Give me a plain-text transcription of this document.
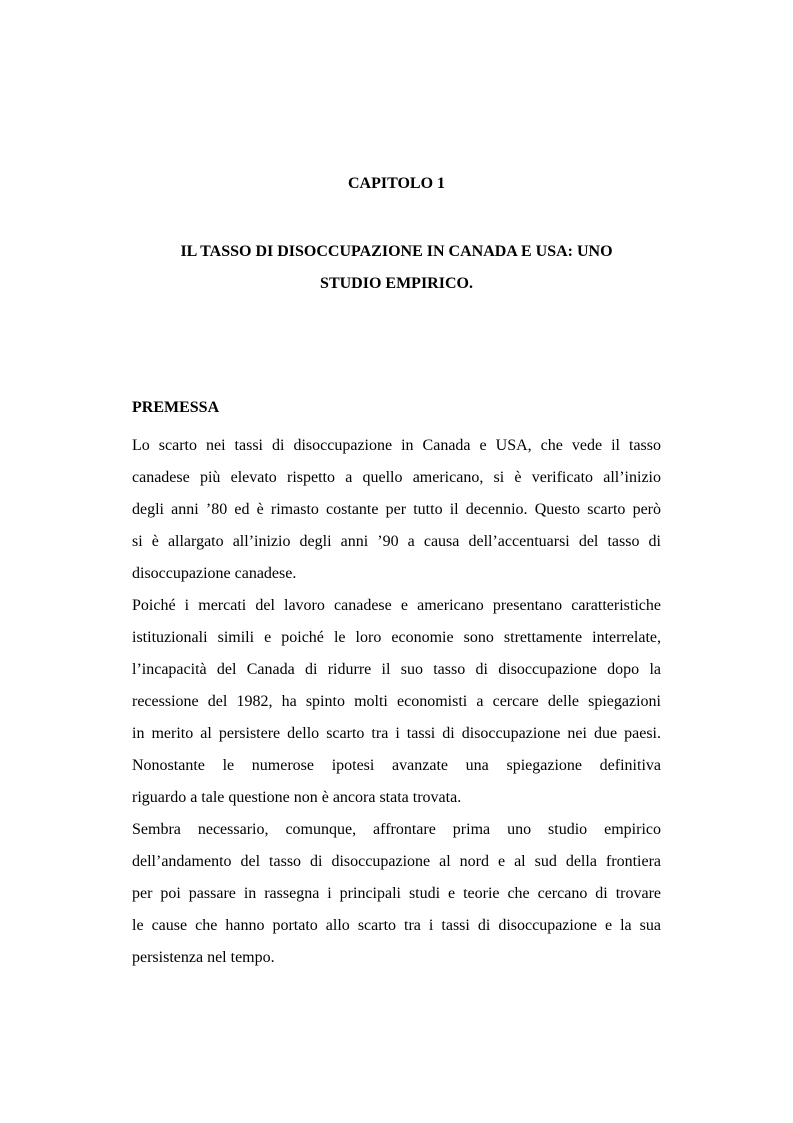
CAPITOLO 1
IL TASSO DI DISOCCUPAZIONE IN CANADA E USA: UNO
STUDIO EMPIRICO.
PREMESSA
Lo scarto nei tassi di disoccupazione in Canada e USA, che vede il tasso
canadese più elevato rispetto a quello americano, si è verificato all’inizio
degli anni ’80 ed è rimasto costante per tutto il decennio. Questo scarto però
si è allargato all’inizio degli anni ’90 a causa dell’accentuarsi del tasso di
disoccupazione canadese.
Poiché i mercati del lavoro canadese e americano presentano caratteristiche
istituzionali simili e poiché le loro economie sono strettamente interrelate,
l’incapacità del Canada di ridurre il suo tasso di disoccupazione dopo la
recessione del 1982, ha spinto molti economisti a cercare delle spiegazioni
in merito al persistere dello scarto tra i tassi di disoccupazione nei due paesi.
Nonostante le numerose ipotesi avanzate una spiegazione definitiva
riguardo a tale questione non è ancora stata trovata.
Sembra necessario, comunque, affrontare prima uno studio empirico
dell’andamento del tasso di disoccupazione al nord e al sud della frontiera
per poi passare in rassegna i principali studi e teorie che cercano di trovare
le cause che hanno portato allo scarto tra i tassi di disoccupazione e la sua
persistenza nel tempo.
